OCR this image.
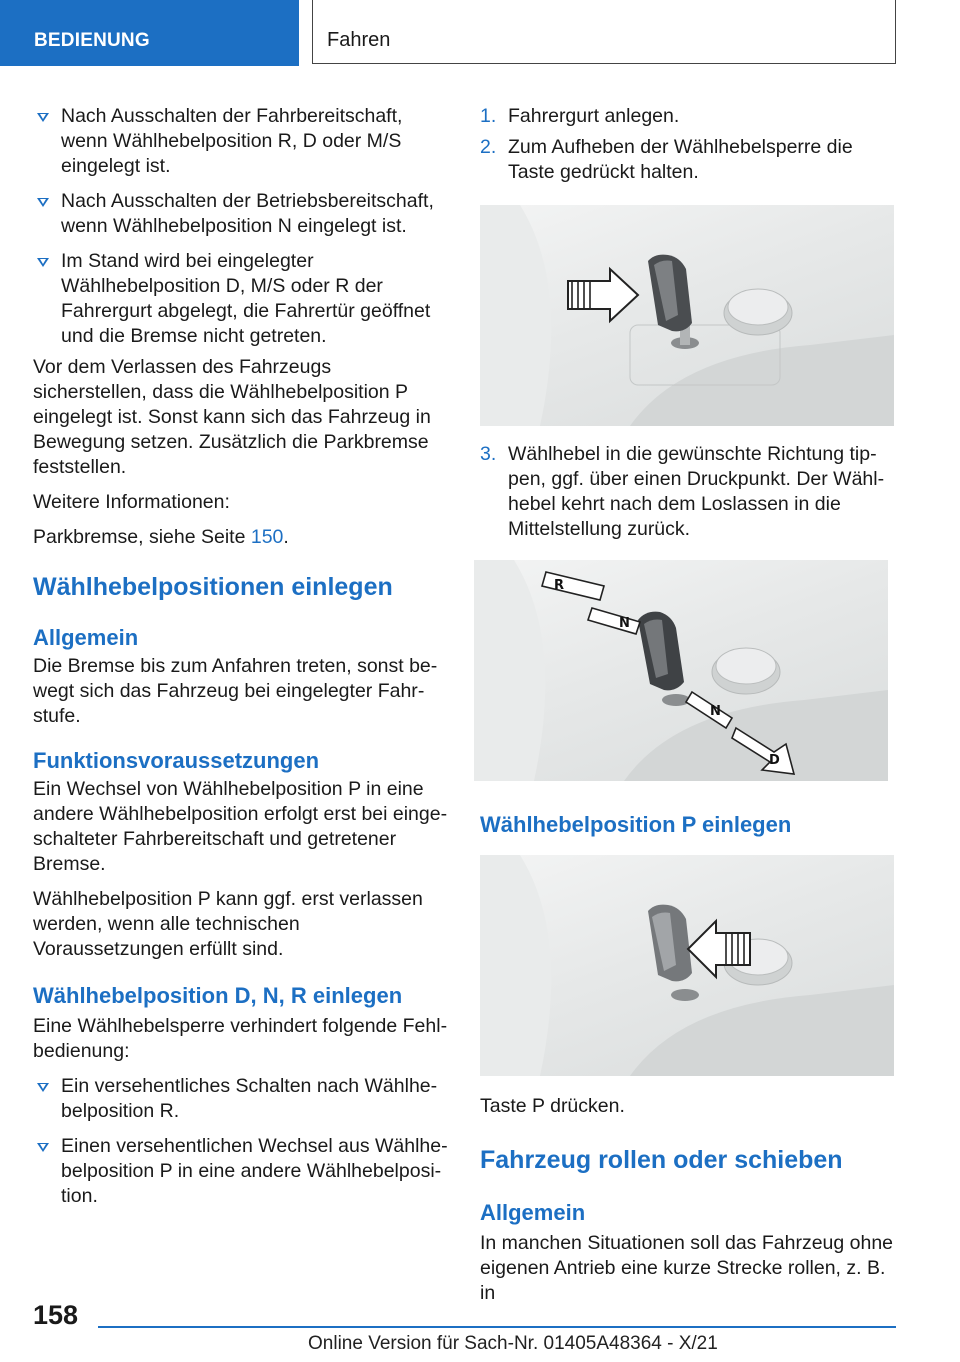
BEDIENUNG	Fahren
Nach Ausschalten der Fahrbereitschaft, wenn Wählhebelposition R, D oder M/S eingelegt ist.
Nach Ausschalten der Betriebsbereitschaft, wenn Wählhebelposition N eingelegt ist.
Im Stand wird bei eingelegter Wählhebelposition D, M/S oder R der Fahrergurt abgelegt, die Fahrertür geöffnet und die Bremse nicht getreten.

Vor dem Verlassen des Fahrzeugs sicherstellen, dass die Wählhebelposition P eingelegt ist. Sonst kann sich das Fahrzeug in Bewegung setzen. Zusätzlich die Parkbremse feststellen.

Weitere Informationen:

Parkbremse, siehe Seite 150.

Wählhebelpositionen einlegen
Allgemein

Die Bremse bis zum Anfahren treten, sonst bewegt sich das Fahrzeug bei eingelegter Fahrstufe.

Funktionsvoraussetzungen

Ein Wechsel von Wählhebelposition P in eine andere Wählhebelposition erfolgt erst bei eingeschalteter Fahrbereitschaft und getretener Bremse.

Wählhebelposition P kann ggf. erst verlassen werden, wenn alle technischen Voraussetzungen erfüllt sind.

Wählhebelposition D, N, R einlegen

Eine Wählhebelsperre verhindert folgende Fehlbedienung:

Ein versehentliches Schalten nach Wählhebelposition R.
Einen versehentlichen Wechsel aus Wählhebelposition P in eine andere Wählhebelposition.
1. Fahrergurt anlegen.
2. Zum Aufheben der Wählhebelsperre die Taste gedrückt halten.
3. Wählhebel in die gewünschte Richtung tippen, ggf. über einen Druckpunkt. Der Wählhebel kehrt nach dem Loslassen in die Mittelstellung zurück.
R
N
N
D
Wählhebelposition P einlegen

Taste P drücken.

Fahrzeug rollen oder schieben
Allgemein

In manchen Situationen soll das Fahrzeug ohne eigenen Antrieb eine kurze Strecke rollen, z. B. in

158
Online Version für Sach-Nr. 01405A48364 - X/21
